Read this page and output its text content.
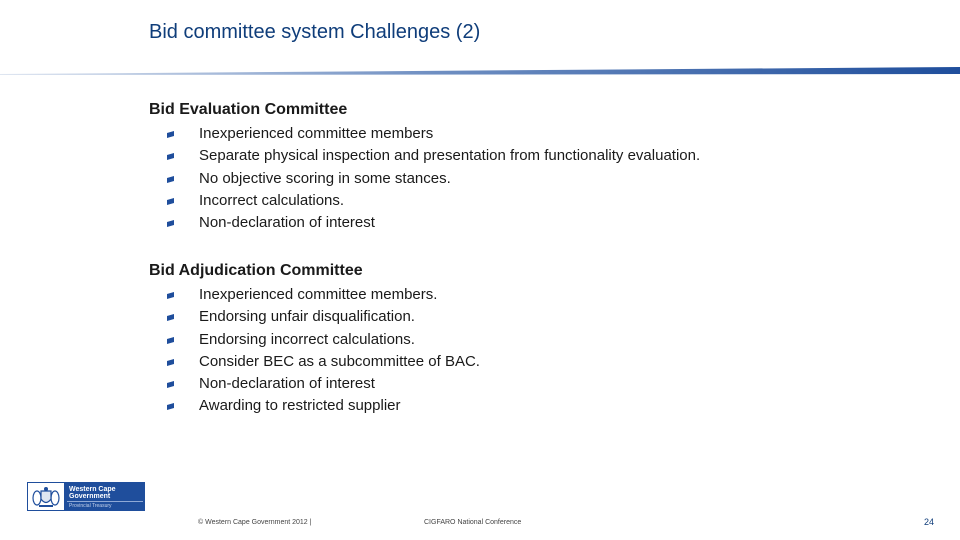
Bid committee system Challenges (2)
Bid Evaluation Committee
Inexperienced committee members
Separate physical inspection and presentation from functionality evaluation.
No objective scoring in some stances.
Incorrect calculations.
Non-declaration of interest
Bid Adjudication Committee
Inexperienced committee members.
Endorsing unfair disqualification.
Endorsing incorrect calculations.
Consider BEC as a subcommittee of BAC.
Non-declaration of interest
Awarding to restricted supplier
Western Cape
Government
Provincial Treasury
© Western Cape Government 2012 |	CIGFARO National Conference	24
